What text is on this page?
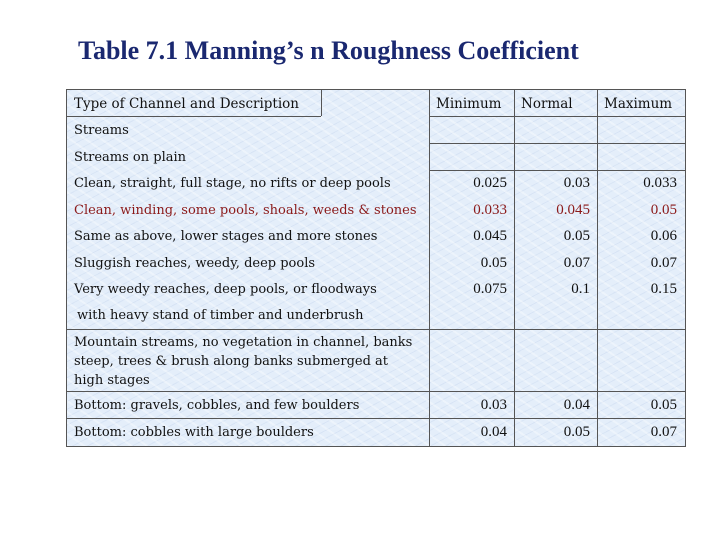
Table 7.1 Manning’s n Roughness Coefficient
Type of Channel and Description	Minimum Normal Maximum
Streams
Streams on plain
Clean, straight, full stage, no rifts or deep pools	0.025	0.03	0.033
Clean, winding, some pools, shoals, weeds & stones	0.033	0.045	0.05
Same as above, lower stages and more stones	0.045	0.05	0.06
Sluggish reaches, weedy, deep pools	0.05	0.07	0.07
Very weedy reaches, deep pools, or floodways	0.075	0.1	0.15
with heavy stand of timber and underbrush
Mountain streams, no vegetation in channel, banks steep, trees & brush along banks submerged at high stages
Bottom: gravels, cobbles, and few boulders	0.03	0.04	0.05
Bottom: cobbles with large boulders	0.04	0.05	0.07
